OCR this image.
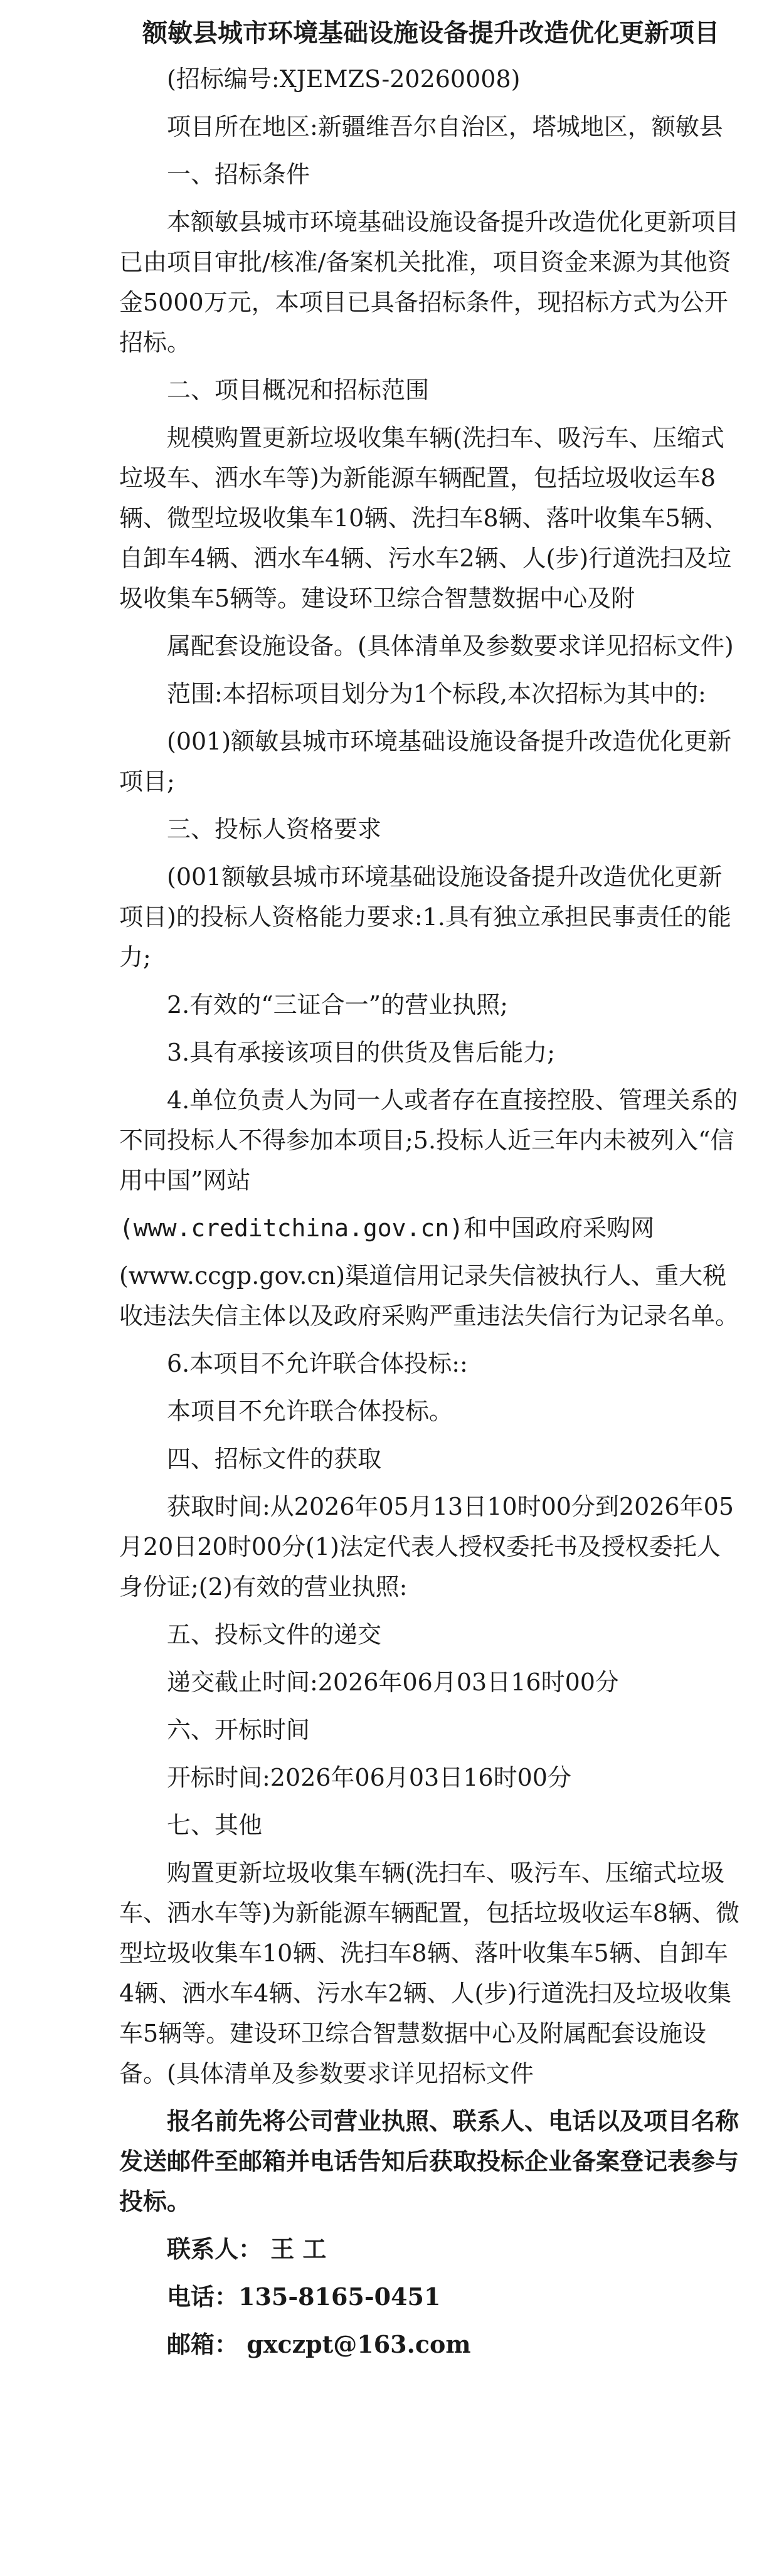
额敏县城市环境基础设施设备提升改造优化更新项目
(招标编号:XJEMZS-20260008)
项目所在地区:新疆维吾尔自治区，塔城地区，额敏县
一、招标条件
本额敏县城市环境基础设施设备提升改造优化更新项目已由项目审批/核准/备案机关批准，项目资金来源为其他资金5000万元，本项目已具备招标条件，现招标方式为公开招标。
二、项目概况和招标范围
规模购置更新垃圾收集车辆(洗扫车、吸污车、压缩式垃圾车、洒水车等)为新能源车辆配置，包括垃圾收运车8辆、微型垃圾收集车10辆、洗扫车8辆、落叶收集车5辆、自卸车4辆、洒水车4辆、污水车2辆、人(步)行道洗扫及垃圾收集车5辆等。建设环卫综合智慧数据中心及附
属配套设施设备。(具体清单及参数要求详见招标文件)
范围:本招标项目划分为1个标段,本次招标为其中的:
(001)额敏县城市环境基础设施设备提升改造优化更新项目;
三、投标人资格要求
(001额敏县城市环境基础设施设备提升改造优化更新项目)的投标人资格能力要求:1.具有独立承担民事责任的能力;
2.有效的“三证合一”的营业执照;
3.具有承接该项目的供货及售后能力;
4.单位负责人为同一人或者存在直接控股、管理关系的不同投标人不得参加本项目;5.投标人近三年内未被列入“信用中国”网站
(www.creditchina.gov.cn)和中国政府采购网
(www.ccgp.gov.cn)渠道信用记录失信被执行人、重大税收违法失信主体以及政府采购严重违法失信行为记录名单。
6.本项目不允许联合体投标::
本项目不允许联合体投标。
四、招标文件的获取
获取时间:从2026年05月13日10时00分到2026年05月20日20时00分(1)法定代表人授权委托书及授权委托人身份证;(2)有效的营业执照:
五、投标文件的递交
递交截止时间:2026年06月03日16时00分
六、开标时间
开标时间:2026年06月03日16时00分
七、其他
购置更新垃圾收集车辆(洗扫车、吸污车、压缩式垃圾车、洒水车等)为新能源车辆配置，包括垃圾收运车8辆、微型垃圾收集车10辆、洗扫车8辆、落叶收集车5辆、自卸车4辆、洒水车4辆、污水车2辆、人(步)行道洗扫及垃圾收集车5辆等。建设环卫综合智慧数据中心及附属配套设施设备。(具体清单及参数要求详见招标文件
报名前先将公司营业执照、联系人、电话以及项目名称发送邮件至邮箱并电话告知后获取投标企业备案登记表参与投标。
联系人： 王 工
电话：135-8165-0451
邮箱： gxczpt@163.com
